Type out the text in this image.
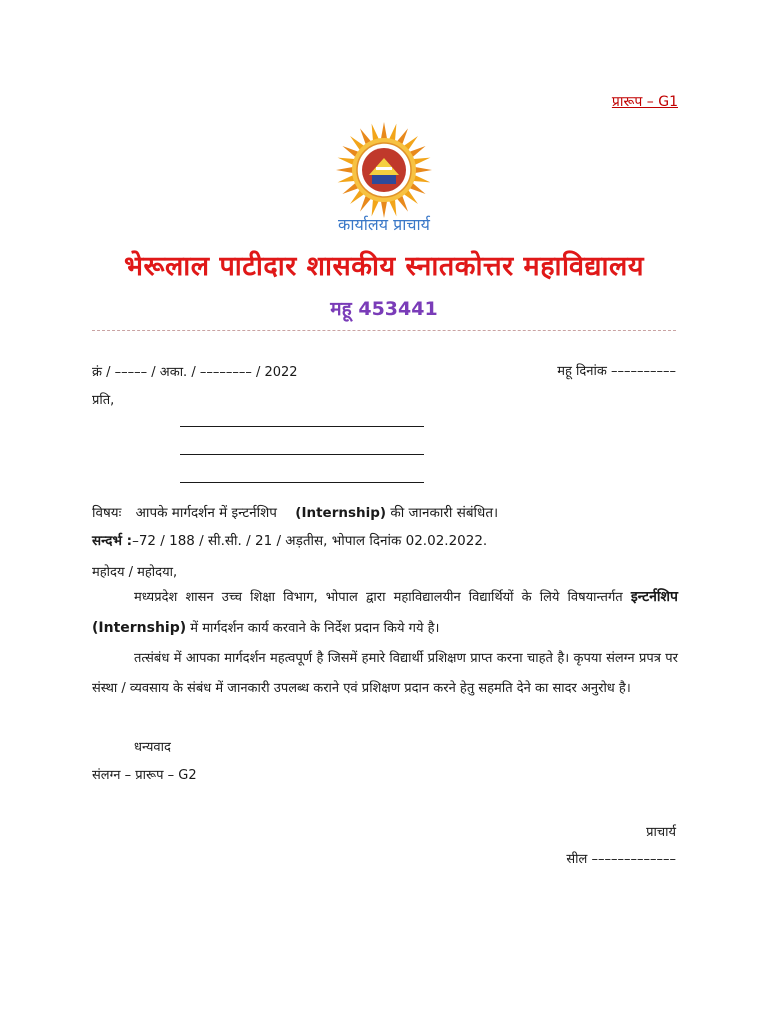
प्रारूप – G1
कार्यालय प्राचार्य
भेरूलाल पाटीदार शासकीय स्नातकोत्तर महाविद्यालय
महू 453441
क्रं / ––––– / अका. / –––––––– / 2022	महू दिनांक ––––––––––
प्रति,
विषयः आपके मार्गदर्शन में इन्टर्नशिप (Internship) की जानकारी संबंधित।
सन्दर्भ :–72 / 188 / सी.सी. / 21 / अड़तीस, भोपाल दिनांक 02.02.2022.
महोदय / महोदया,
मध्यप्रदेश शासन उच्च शिक्षा विभाग, भोपाल द्वारा महाविद्यालयीन विद्यार्थियों के लिये विषयान्तर्गत इन्टर्नशिप (Internship) में मार्गदर्शन कार्य करवाने के निर्देश प्रदान किये गये है।
तत्संबंध में आपका मार्गदर्शन महत्वपूर्ण है जिसमें हमारे विद्यार्थी प्रशिक्षण प्राप्त करना चाहते है। कृपया संलग्न प्रपत्र पर संस्था / व्यवसाय के संबंध में जानकारी उपलब्ध कराने एवं प्रशिक्षण प्रदान करने हेतु सहमति देने का सादर अनुरोध है।
धन्यवाद
संलग्न – प्रारूप – G2
प्राचार्य
सील –––––––––––––
